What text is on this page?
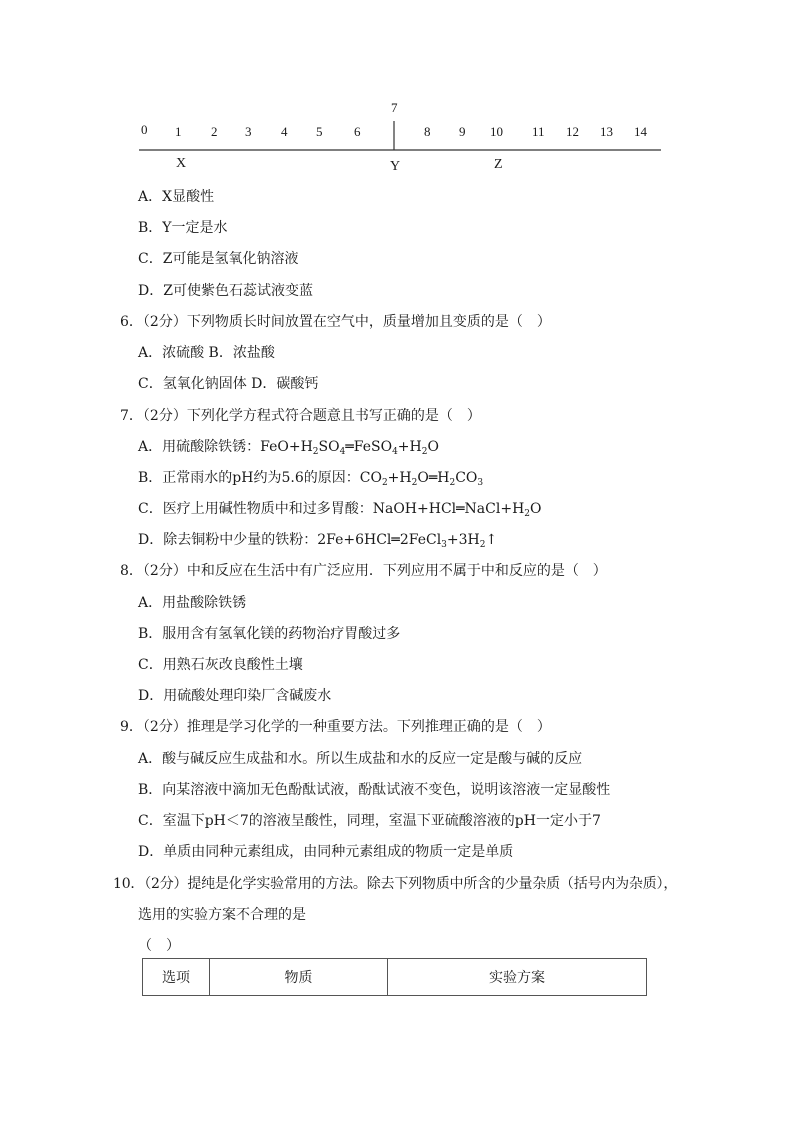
0 1 2 3 4 5 6
7
8 9 10 11 12 13 14
X	Y	Z
A．X显酸性
B．Y一定是水
C．Z可能是氢氧化钠溶液
D．Z可使紫色石蕊试液变蓝
6．（2分）下列物质长时间放置在空气中，质量增加且变质的是（　）
A．浓硫酸 B．浓盐酸
C．氢氧化钠固体 D．碳酸钙
7．（2分）下列化学方程式符合题意且书写正确的是（　）
A．用硫酸除铁锈：$FeO+H_2SO_4═FeSO_4+H_2O$
B．正常雨水的pH约为5.6的原因：$CO_2+H_2O═H_2CO_3$
C．医疗上用碱性物质中和过多胃酸：$NaOH+HCl═NaCl+H_2O$
D．除去铜粉中少量的铁粉：$2Fe+6HCl═2FeCl_3+3H_2↑$
8．（2分）中和反应在生活中有广泛应用．下列应用不属于中和反应的是（　）
A．用盐酸除铁锈
B．服用含有氢氧化镁的药物治疗胃酸过多
C．用熟石灰改良酸性土壤
D．用硫酸处理印染厂含碱废水
9．（2分）推理是学习化学的一种重要方法。下列推理正确的是（　）
A．酸与碱反应生成盐和水。所以生成盐和水的反应一定是酸与碱的反应
B．向某溶液中滴加无色酚酞试液，酚酞试液不变色，说明该溶液一定显酸性
C．室温下pH＜7的溶液呈酸性，同理，室温下亚硫酸溶液的pH一定小于7
D．单质由同种元素组成，由同种元素组成的物质一定是单质
10．（2分）提纯是化学实验常用的方法。除去下列物质中所含的少量杂质（括号内为杂质），
选用的实验方案不合理的是
（　）
选项	物质	实验方案
